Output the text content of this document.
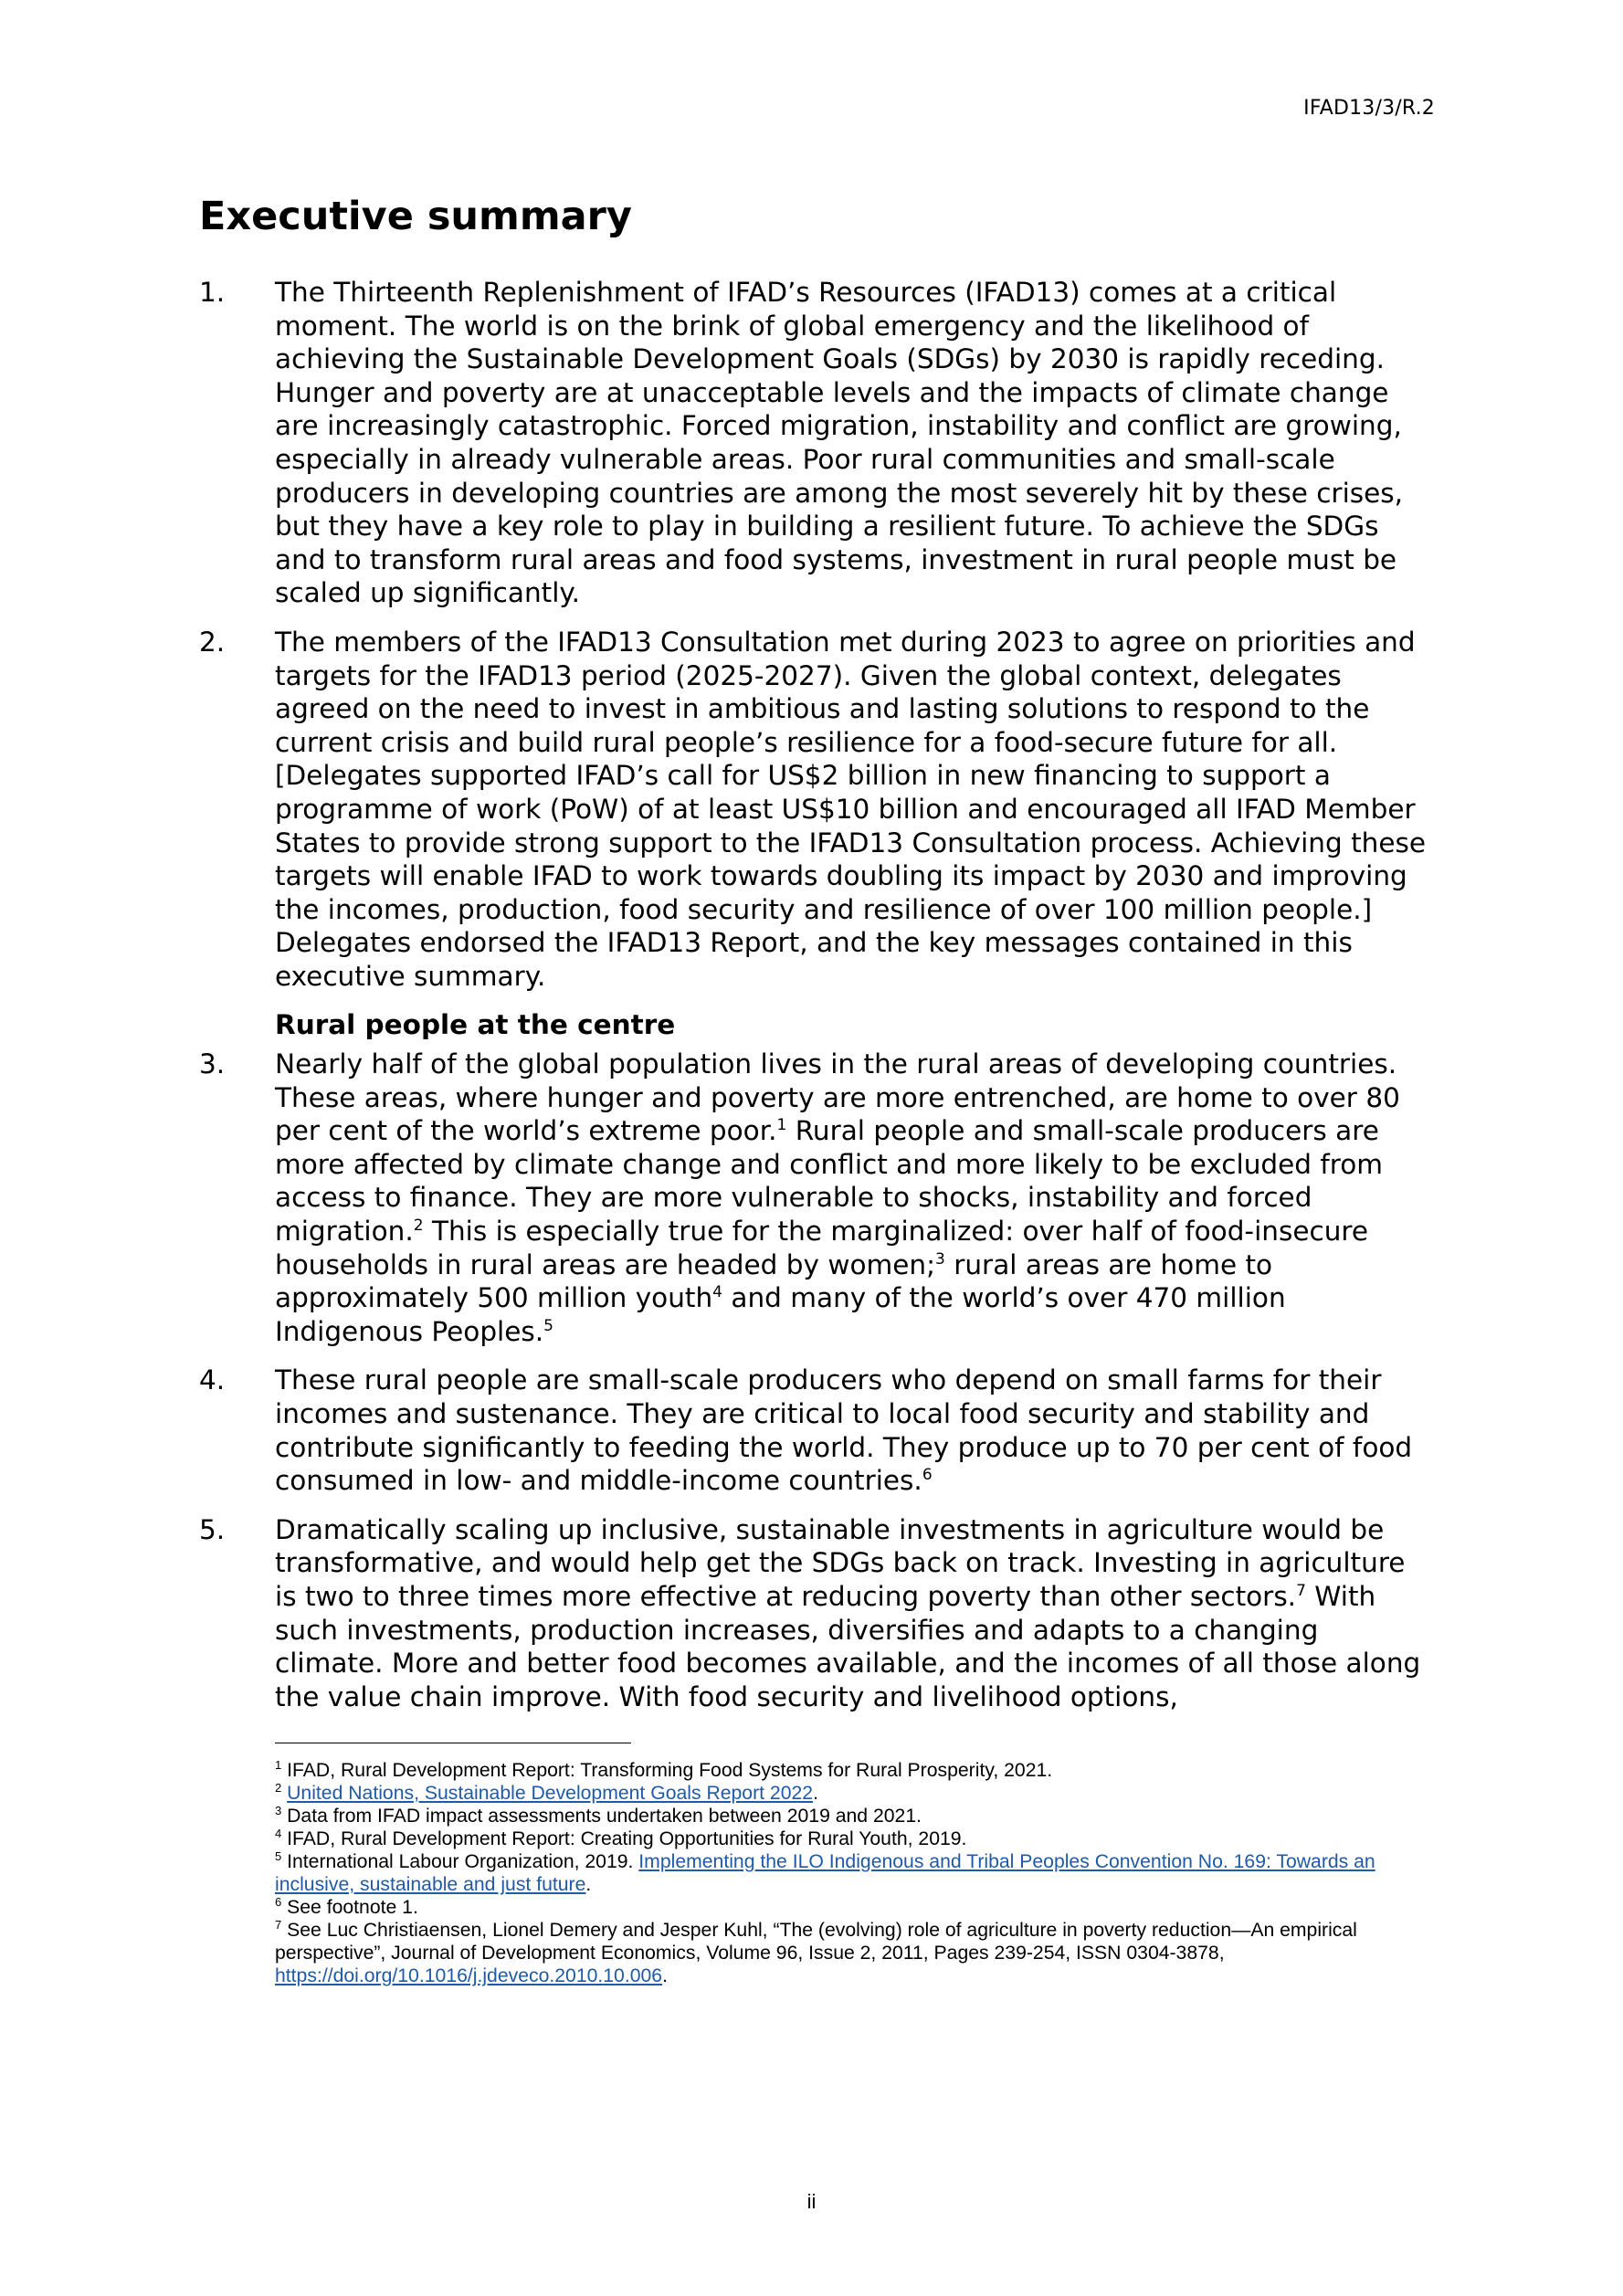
IFAD13/3/R.2
Executive summary
1.	The Thirteenth Replenishment of IFAD’s Resources (IFAD13) comes at a critical moment. The world is on the brink of global emergency and the likelihood of achieving the Sustainable Development Goals (SDGs) by 2030 is rapidly receding. Hunger and poverty are at unacceptable levels and the impacts of climate change are increasingly catastrophic. Forced migration, instability and conflict are growing, especially in already vulnerable areas. Poor rural communities and small-scale producers in developing countries are among the most severely hit by these crises, but they have a key role to play in building a resilient future. To achieve the SDGs and to transform rural areas and food systems, investment in rural people must be scaled up significantly.
2.	The members of the IFAD13 Consultation met during 2023 to agree on priorities and targets for the IFAD13 period (2025-2027). Given the global context, delegates agreed on the need to invest in ambitious and lasting solutions to respond to the current crisis and build rural people’s resilience for a food-secure future for all. [Delegates supported IFAD’s call for US$2 billion in new financing to support a programme of work (PoW) of at least US$10 billion and encouraged all IFAD Member States to provide strong support to the IFAD13 Consultation process. Achieving these targets will enable IFAD to work towards doubling its impact by 2030 and improving the incomes, production, food security and resilience of over 100 million people.] Delegates endorsed the IFAD13 Report, and the key messages contained in this executive summary.
Rural people at the centre
3.	Nearly half of the global population lives in the rural areas of developing countries. These areas, where hunger and poverty are more entrenched, are home to over 80 per cent of the world’s extreme poor.$^1$ Rural people and small-scale producers are more affected by climate change and conflict and more likely to be excluded from access to finance. They are more vulnerable to shocks, instability and forced migration.$^2$ This is especially true for the marginalized: over half of food-insecure households in rural areas are headed by women;$^3$ rural areas are home to approximately 500 million youth$^4$ and many of the world’s over 470 million Indigenous Peoples.$^5$
4.	These rural people are small-scale producers who depend on small farms for their incomes and sustenance. They are critical to local food security and stability and contribute significantly to feeding the world. They produce up to 70 per cent of food consumed in low- and middle-income countries.$^6$
5.	Dramatically scaling up inclusive, sustainable investments in agriculture would be transformative, and would help get the SDGs back on track. Investing in agriculture is two to three times more effective at reducing poverty than other sectors.$^7$ With such investments, production increases, diversifies and adapts to a changing climate. More and better food becomes available, and the incomes of all those along the value chain improve. With food security and livelihood options,

$^1$ IFAD, Rural Development Report: Transforming Food Systems for Rural Prosperity, 2021.

$^2$ United Nations, Sustainable Development Goals Report 2022.

$^3$ Data from IFAD impact assessments undertaken between 2019 and 2021.

$^4$ IFAD, Rural Development Report: Creating Opportunities for Rural Youth, 2019.

$^5$ International Labour Organization, 2019. Implementing the ILO Indigenous and Tribal Peoples Convention No. 169: Towards an inclusive, sustainable and just future.

$^6$ See footnote 1.

$^7$ See Luc Christiaensen, Lionel Demery and Jesper Kuhl, “The (evolving) role of agriculture in poverty reduction—An empirical perspective”, Journal of Development Economics, Volume 96, Issue 2, 2011, Pages 239-254, ISSN 0304-3878, https://doi.org/10.1016/j.jdeveco.2010.10.006.

ii
